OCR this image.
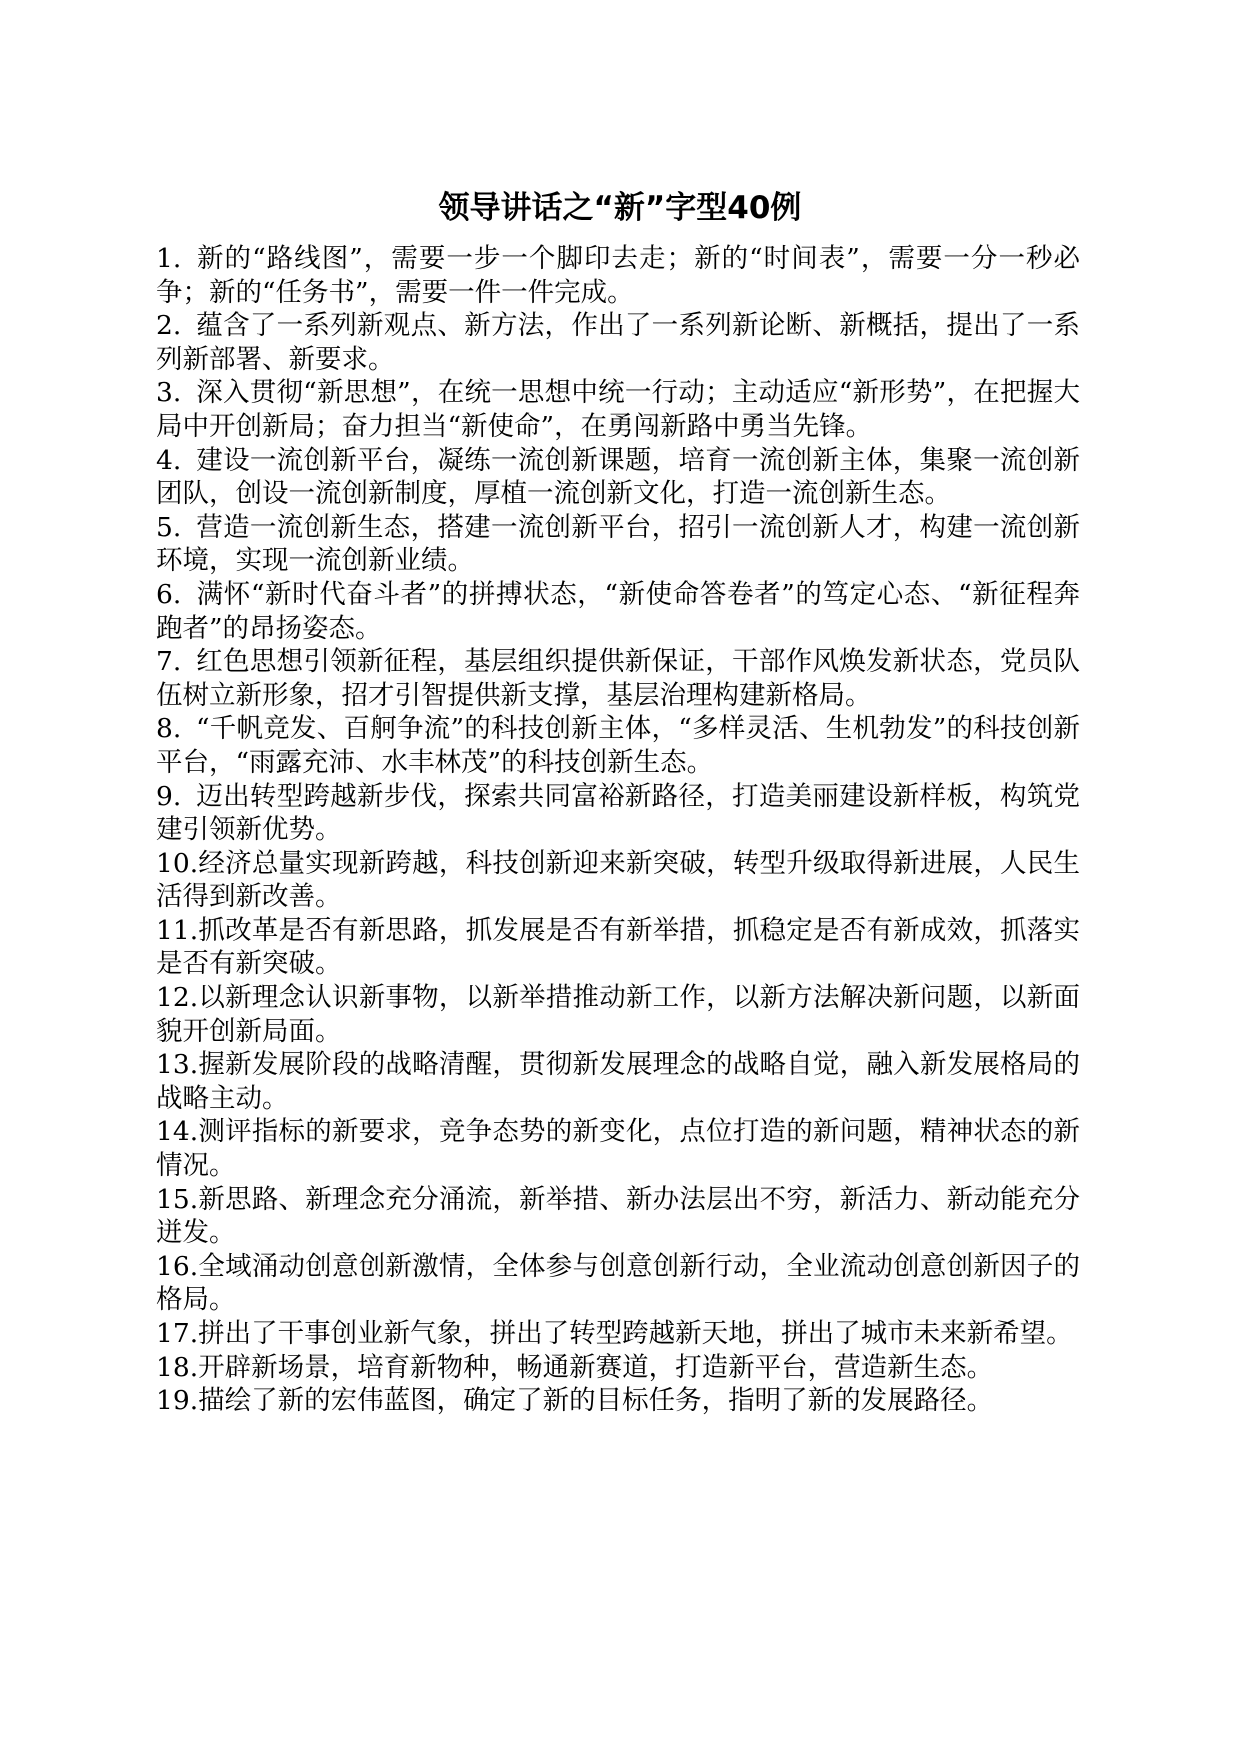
领导讲话之“新”字型40例
1. 新的“路线图”，需要一步一个脚印去走；新的“时间表”，需要一分一秒必争；新的“任务书”，需要一件一件完成。
2. 蕴含了一系列新观点、新方法，作出了一系列新论断、新概括，提出了一系列新部署、新要求。
3. 深入贯彻“新思想”，在统一思想中统一行动；主动适应“新形势”，在把握大局中开创新局；奋力担当“新使命”，在勇闯新路中勇当先锋。
4. 建设一流创新平台，凝练一流创新课题，培育一流创新主体，集聚一流创新团队，创设一流创新制度，厚植一流创新文化，打造一流创新生态。
5. 营造一流创新生态，搭建一流创新平台，招引一流创新人才，构建一流创新环境，实现一流创新业绩。
6. 满怀“新时代奋斗者”的拼搏状态，“新使命答卷者”的笃定心态、“新征程奔跑者”的昂扬姿态。
7. 红色思想引领新征程，基层组织提供新保证，干部作风焕发新状态，党员队伍树立新形象，招才引智提供新支撑，基层治理构建新格局。
8. “千帆竞发、百舸争流”的科技创新主体，“多样灵活、生机勃发”的科技创新平台，“雨露充沛、水丰林茂”的科技创新生态。
9. 迈出转型跨越新步伐，探索共同富裕新路径，打造美丽建设新样板，构筑党建引领新优势。
10.经济总量实现新跨越，科技创新迎来新突破，转型升级取得新进展，人民生活得到新改善。
11.抓改革是否有新思路，抓发展是否有新举措，抓稳定是否有新成效，抓落实是否有新突破。
12.以新理念认识新事物，以新举措推动新工作，以新方法解决新问题，以新面貌开创新局面。
13.握新发展阶段的战略清醒，贯彻新发展理念的战略自觉，融入新发展格局的战略主动。
14.测评指标的新要求，竞争态势的新变化，点位打造的新问题，精神状态的新情况。
15.新思路、新理念充分涌流，新举措、新办法层出不穷，新活力、新动能充分迸发。
16.全域涌动创意创新激情，全体参与创意创新行动，全业流动创意创新因子的格局。
17.拼出了干事创业新气象，拼出了转型跨越新天地，拼出了城市未来新希望。
18.开辟新场景，培育新物种，畅通新赛道，打造新平台，营造新生态。
19.描绘了新的宏伟蓝图，确定了新的目标任务，指明了新的发展路径。
